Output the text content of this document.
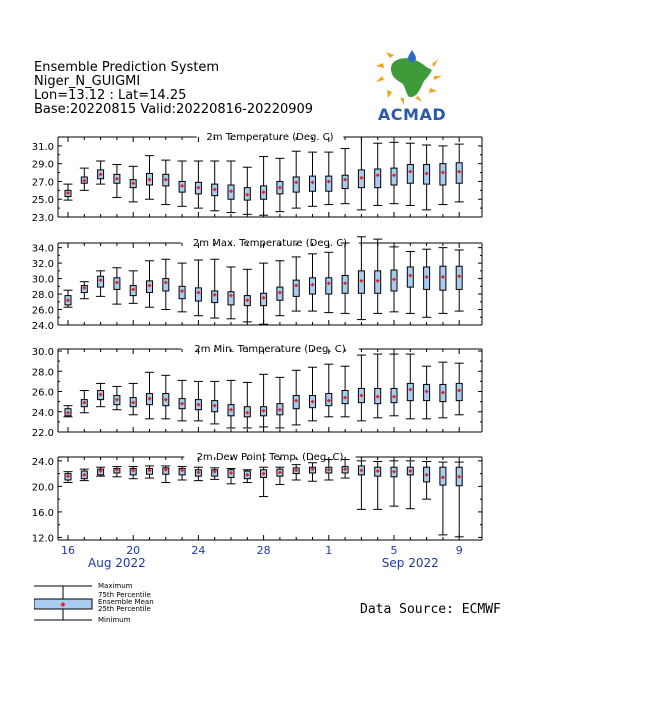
Ensemble Prediction System
Niger_N_GUIGMI
Lon=13.12 : Lat=14.25
Base:20220815 Valid:20220816-20220909	ACMAD
2m Temperature (Deg. C)
23.0
25.0
27.0
29.0
31.0
2m Max. Temperature (Deg. C)
24.0
26.0
28.0
30.0
32.0
34.0
2m Min. Temperature (Deg. C)
22.0
24.0
26.0
28.0
30.0
2m Dew Point Temp. (Deg. C)
12.0
16.0
20.0
24.0
16	20	24	28	1	5	9
Aug 2022	Sep 2022
Maximum
75th Percentile
Ensemble Mean
25th Percentile
Minimum
Data Source: ECMWF
